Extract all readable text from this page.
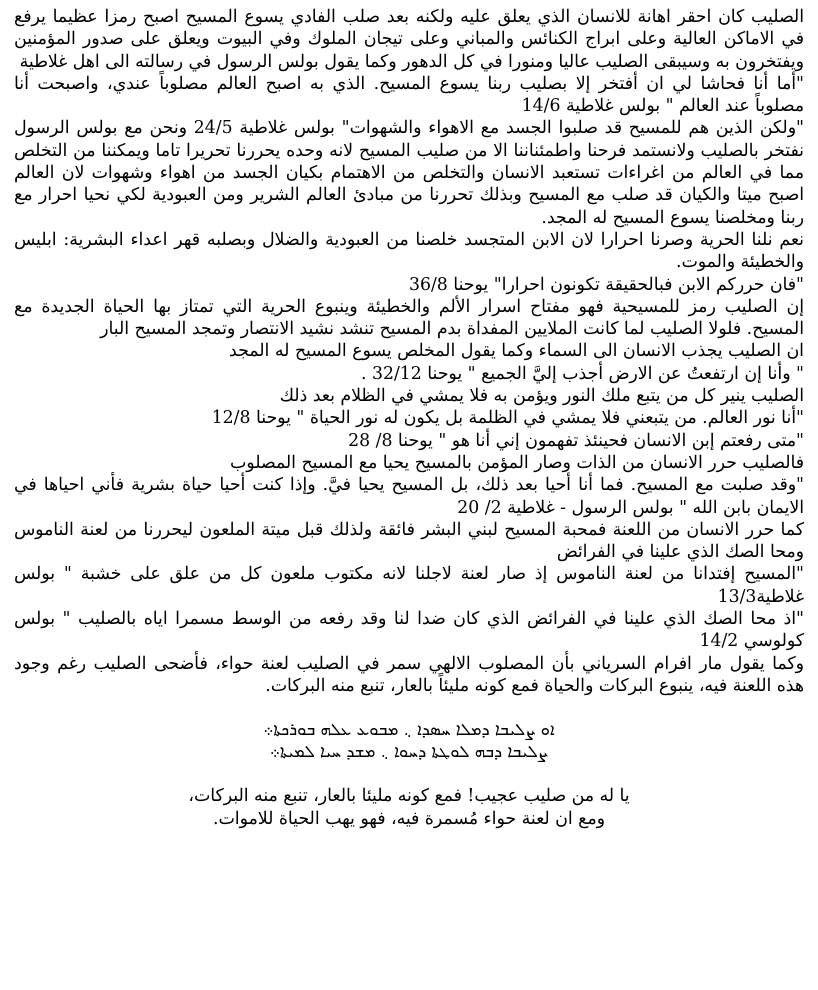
الصليب كان احقر اهانة للانسان الذي يعلق عليه ولكنه بعد صلب الفادي يسوع المسيح اصبح رمزا عظيما يرفع في الاماكن العالية وعلى ابراج الكنائس والمباني وعلى تيجان الملوك وفي البيوت ويعلق على صدور المؤمنين ويفتخرون به وسيبقى الصليب عاليا ومنورا في كل الدهور وكما يقول بولس الرسول في رسالته الى اهل غلاطية

"أما أنا فحاشا لي ان أفتخر إلا بصليب ربنا يسوع المسيح. الذي به اصبح العالم مصلوباً عندي، واصبحت أنا مصلوباً عند العالم " بولس غلاطية 14/6

"ولكن الذين هم للمسيح قد صلبوا الجسد مع الاهواء والشهوات" بولس غلاطية 24/5 ونحن مع بولس الرسول نفتخر بالصليب ولانستمد فرحنا واطمئناننا الا من صليب المسيح لانه وحده يحررنا تحريرا تاما ويمكننا من التخلص مما في العالم من اغراءات تستعبد الانسان والتخلص من الاهتمام بكيان الجسد من اهواء وشهوات لان العالم اصبح ميتا والكيان قد صلب مع المسيح وبذلك تحررنا من مبادئ العالم الشرير ومن العبودية لكي نحيا احرار مع ربنا ومخلصنا يسوع المسيح له المجد.

نعم نلنا الحرية وصرنا احرارا لان الابن المتجسد خلصنا من العبودية والضلال وبصلبه قهر اعداء البشرية: ابليس والخطيئة والموت.

"فان حرركم الابن فبالحقيقة تكونون احرارا" يوحنا 36/8

إن الصليب رمز للمسيحية فهو مفتاح اسرار الألم والخطيئة وينبوع الحرية التي تمتاز بها الحياة الجديدة مع المسيح. فلولا الصليب لما كانت الملايين المفداة بدم المسيح تنشد نشيد الانتصار وتمجد المسيح البار

ان الصليب يجذب الانسان الى السماء وكما يقول المخلص يسوع المسيح له المجد

" وأنا إن ارتفعتُ عن الارض أجذب إليَّ الجميع " يوحنا 32/12 .

الصليب ينير كل من يتبع ملك النور ويؤمن به فلا يمشي في الظلام بعد ذلك

"أنا نور العالم. من يتبعني فلا يمشي في الظلمة بل يكون له نور الحياة " يوحنا 12/8

"متى رفعتم إبن الانسان فحينئذ تفهمون إني أنا هو " يوحنا 8/ 28

فالصليب حرر الانسان من الذات وصار المؤمن بالمسيح يحيا مع المسيح المصلوب

"وقد صلبت مع المسيح. فما أنا أحيا بعد ذلك، بل المسيح يحيا فيَّ. وإذا كنت أحيا حياة بشرية فأني احياها في الايمان بابن الله " بولس الرسول - غلاطية 2/ 20

كما حرر الانسان من اللعنة فمحبة المسيح لبني البشر فائقة ولذلك قبل ميتة الملعون ليحررنا من لعنة الناموس ومحا الصك الذي علينا في الفرائض

"المسيح إفتدانا من لعنة الناموس إذ صار لعنة لاجلنا لانه مكتوب ملعون كل من علق على خشبة " بولس غلاطية13/3

"اذ محا الصك الذي علينا في الفرائض الذي كان ضدا لنا وقد رفعه من الوسط مسمرا اياه بالصليب " بولس كولوسي 14/2

وكما يقول مار افرام السرياني بأن المصلوب الالهي سمر في الصليب لعنة حواء، فأضحى الصليب رغم وجود هذه اللعنة فيه، ينبوع البركات والحياة فمع كونه مليئاً بالعار، تنبع منه البركات.

ܐܘ ܨܠܝܒܐ ܕܡܠܐ ܚܣܕܐ ܆ ܡܒܘܥ ܥܠܗ ܒܘܪܟܬܐ܀

ܨܠܝܒܐ ܕܒܗ ܠܘܛܬܐ ܕܚܘܐ ܆ ܡܫܕ ܚܝܐ ܠܡܝܬܐ܀

يا له من صليب عجيب! فمع كونه مليئا بالعار، تنبع منه البركات،

ومع ان لعنة حواء مُسمرة فيه، فهو يهب الحياة للاموات.
